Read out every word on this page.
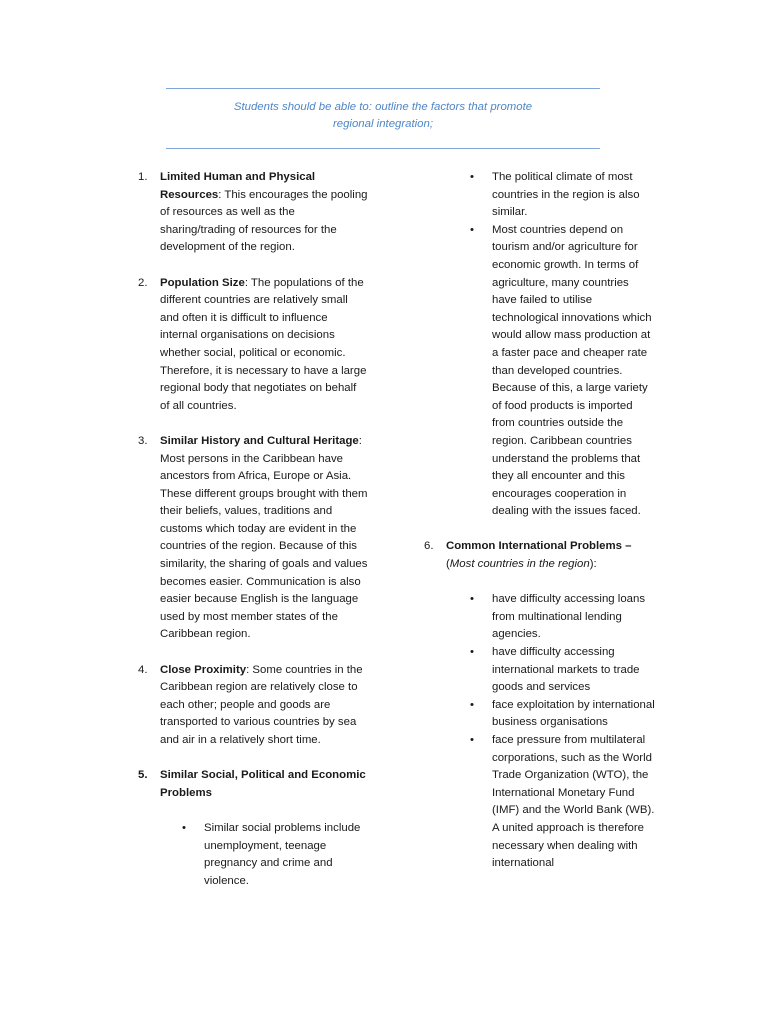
Students should be able to: outline the factors that promote
regional integration;
1.	Limited Human and Physical Resources: This encourages the pooling of resources as well as the sharing/trading of resources for the development of the region.
2.	Population Size: The populations of the different countries are relatively small and often it is difficult to influence internal organisations on decisions whether social, political or economic. Therefore, it is necessary to have a large regional body that negotiates on behalf of all countries.
3.	Similar History and Cultural Heritage: Most persons in the Caribbean have ancestors from Africa, Europe or Asia. These different groups brought with them their beliefs, values, traditions and customs which today are evident in the countries of the region. Because of this similarity, the sharing of goals and values becomes easier. Communication is also easier because English is the language used by most member states of the Caribbean region.
4.	Close Proximity: Some countries in the Caribbean region are relatively close to each other; people and goods are transported to various countries by sea and air in a relatively short time.
5.	Similar Social, Political and Economic Problems
•	Similar social problems include unemployment, teenage pregnancy and crime and violence.
•	The political climate of most countries in the region is also similar.
•	Most countries depend on tourism and/or agriculture for economic growth. In terms of agriculture, many countries have failed to utilise technological innovations which would allow mass production at a faster pace and cheaper rate than developed countries. Because of this, a large variety of food products is imported from countries outside the region. Caribbean countries understand the problems that they all encounter and this encourages cooperation in dealing with the issues faced.
6.	Common International Problems –
(Most countries in the region):
•	have difficulty accessing loans from multinational lending agencies.
•	have difficulty accessing international markets to trade goods and services
•	face exploitation by international business organisations
•	face pressure from multilateral corporations, such as the World Trade Organization (WTO), the International Monetary Fund (IMF) and the World Bank (WB). A united approach is therefore necessary when dealing with international
